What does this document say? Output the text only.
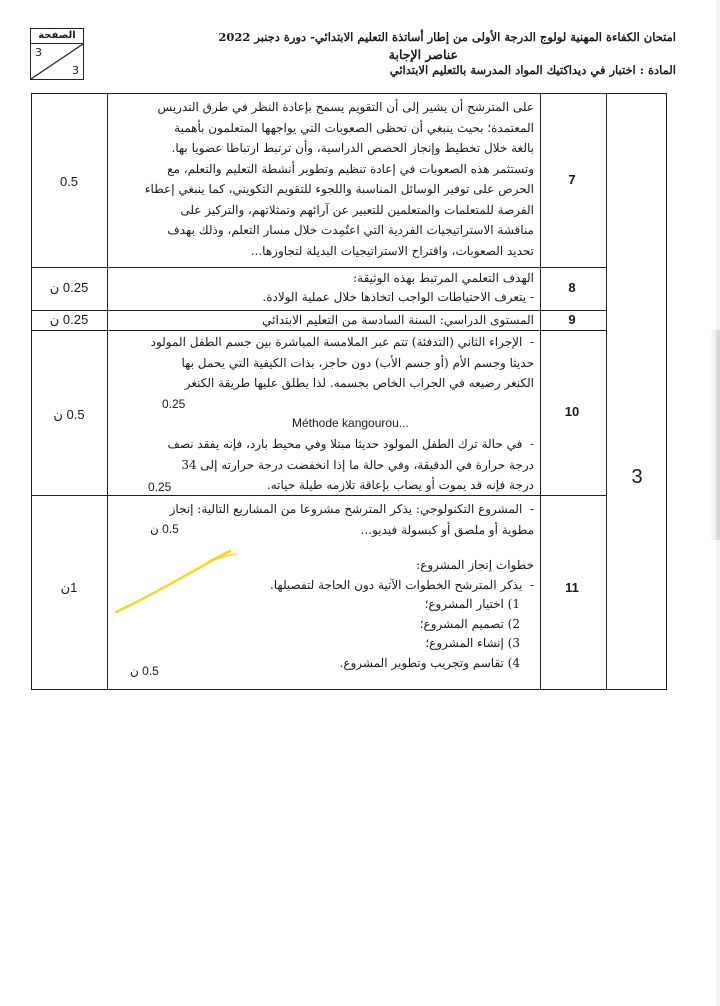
الصفحة
3
3
امتحان الكفاءة المهنية لولوج الدرجة الأولى من إطار أساتذة التعليم الابتدائي- دورة دجنبر 2022
عناصر الإجابة
المادة : اختبار في ديداكتيك المواد المدرسة بالتعليم الابتدائي
3
7
0.5

على المترشح أن يشير إلى أن التقويم يسمح بإعادة النظر في طرق التدريس

المعتمدة؛ بحيث ينبغي أن تحظى الصعوبات التي يواجهها المتعلمون بأهمية

بالغة خلال تخطيط وإنجاز الحصص الدراسية، وأن ترتبط ارتباطا عضويا بها.

وتستثمر هذه الصعوبات في إعادة تنظيم وتطوير أنشطة التعليم والتعلم، مع

الحرص على توفير الوسائل المناسبة واللجوء للتقويم التكويني، كما ينبغي إعطاء

الفرصة للمتعلمات والمتعلمين للتعبير عن آرائهم وتمثلاتهم، والتركيز على

مناقشة الاستراتيجيات الفردية التي اعتُمِدت خلال مسار التعلم، وذلك بهدف

تحديد الصعوبات، واقتراح الاستراتيجيات البديلة لتجاوزها...

8
0.25 ن

الهدف التعلمي المرتبط بهذه الوثيقة:

- يتعرف الاحتياطات الواجب اتخاذها خلال عملية الولادة.

9
0.25 ن	المستوى الدراسي: السنة السادسة من التعليم الابتدائي

10
0.5 ن

-  الإجراء الثاني (التدفئة) تتم عبر الملامسة المباشرة بين جسم الطفل المولود

حديثا وجسم الأم (أو جسم الأب) دون حاجز، بذات الكيفية التي يحمل بها

الكنغر رضيعه في الجراب الخاص بجسمه. لذا يطلق عليها طريقة الكنغر

Méthode kangourou...
0.25

-  في حالة ترك الطفل المولود حديثا مبتلا وفي محيط بارد، فإنه يفقد نصف

درجة حرارة في الدقيقة، وفي حالة ما إذا انخفضت درجة حرارته إلى 34

درجة فإنه قد يموت أو يصاب بإعاقة تلازمه طيلة حياته.

0.25
11
1ن

-  المشروع التكنولوجي: يذكر المترشح مشروعا من المشاريع التالية: إنجاز

مطوية أو ملصق أو كبسولة فيديو...

0.5 ن

خطوات إنجاز المشروع:

-  يذكر المترشح الخطوات الآتية دون الحاجة لتفصيلها.

1) اختيار المشروع؛

2) تصميم المشروع؛

3) إنشاء المشروع؛

4) تقاسم وتجريب وتطوير المشروع.

0.5 ن
